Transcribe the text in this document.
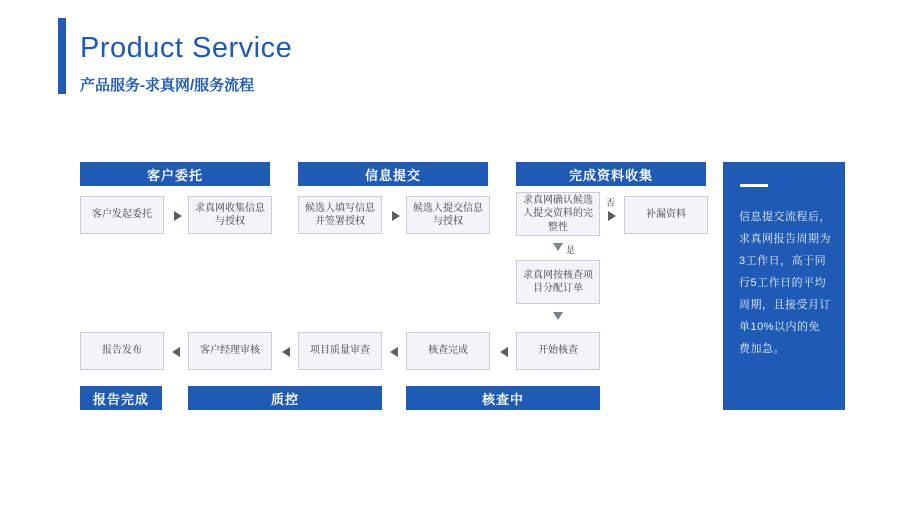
Product Service
产品服务-求真网/服务流程
客户委托	信息提交	完成资料收集
客户发起委托
求真网收集信息与授权
候选人填写信息并签署授权
候选人提交信息与授权
求真网确认候选人提交资料的完整性
否
补漏资料
是
求真网按核查项目分配订单
开始核查
核查完成
项目质量审查
客户经理审核
报告发布
报告完成	质控	核查中
信息提交流程后，求真网报告周期为3工作日，高于同行5工作日的平均周期，且接受月订单10%以内的免费加急。
